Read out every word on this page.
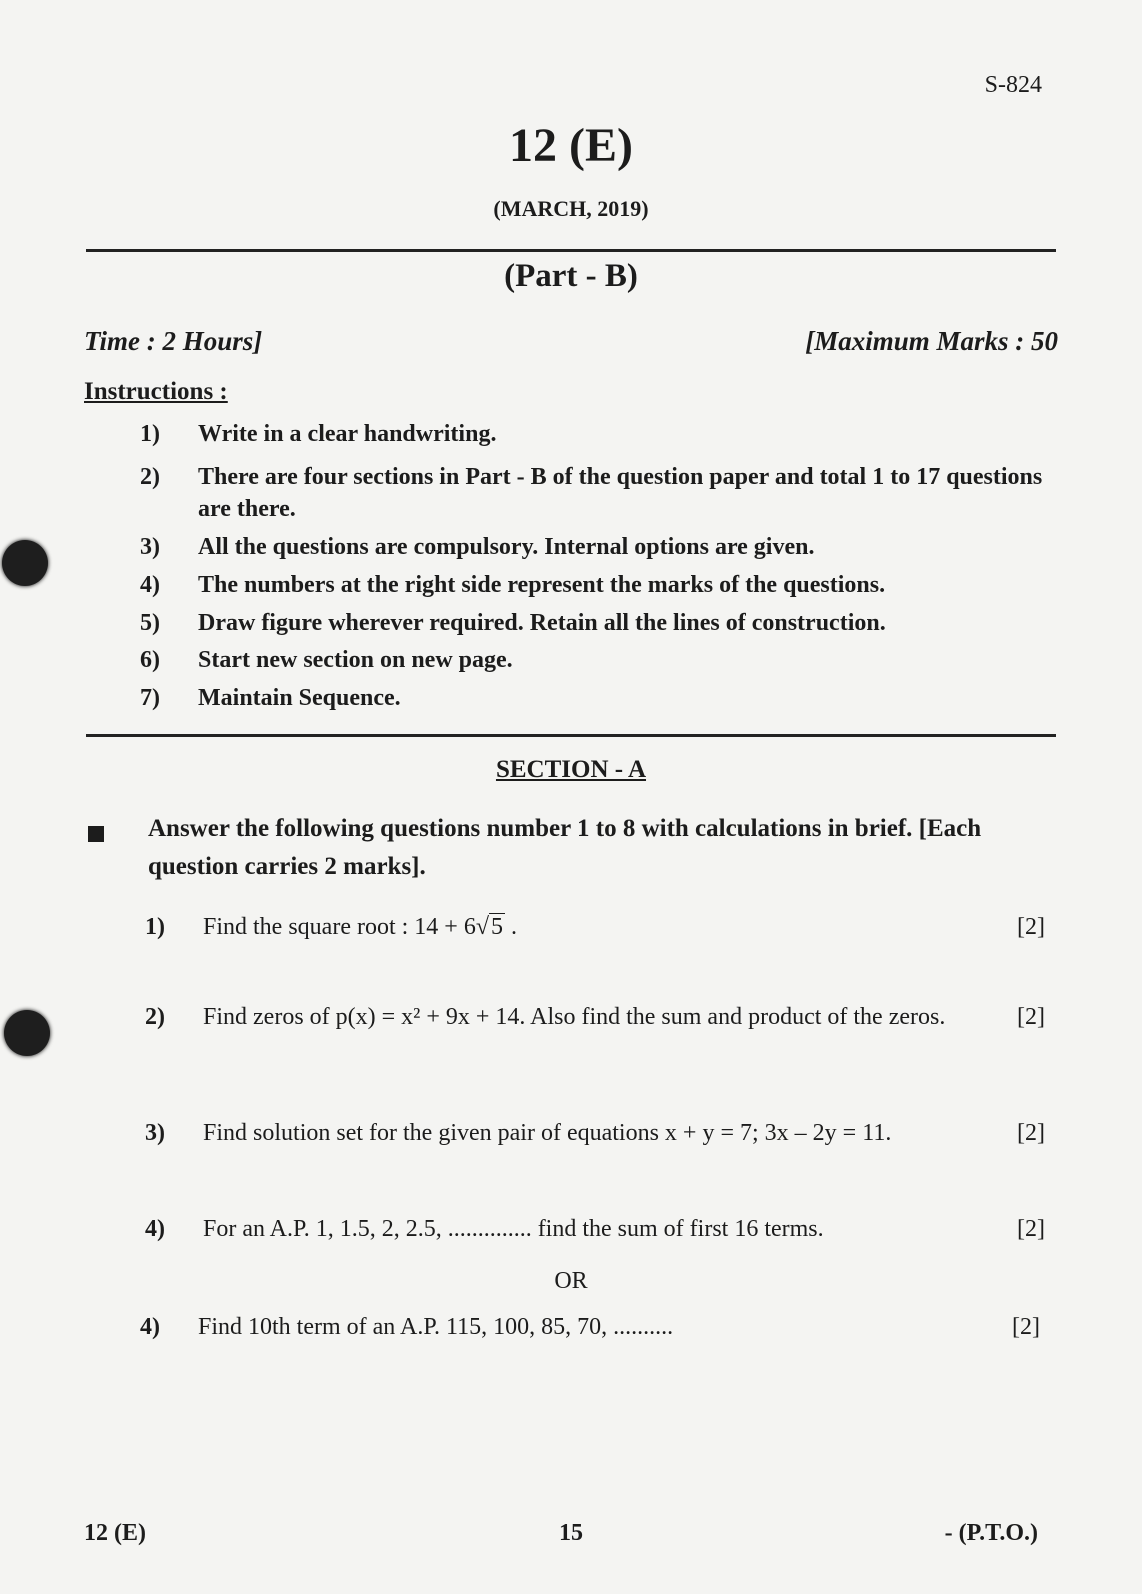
S-824
12 (E)
(MARCH, 2019)
(Part - B)
Time : 2 Hours]	[Maximum Marks : 50
Instructions :
1)	Write in a clear handwriting.
2)	There are four sections in Part - B of the question paper and total 1 to 17 questions are there.
3)	All the questions are compulsory. Internal options are given.
4)	The numbers at the right side represent the marks of the questions.
5)	Draw figure wherever required. Retain all the lines of construction.
6)	Start new section on new page.
7)	Maintain Sequence.
SECTION - A
Answer the following questions number 1 to 8 with calculations in brief. [Each question carries 2 marks].
1)	Find the square root : 14 + 6√5 .	[2]
2)	Find zeros of p(x) = x² + 9x + 14. Also find the sum and product of the zeros.	[2]
3)	Find solution set for the given pair of equations x + y = 7; 3x – 2y = 11.	[2]
4)	For an A.P. 1, 1.5, 2, 2.5, .............. find the sum of first 16 terms.	[2]
OR
4)	Find 10th term of an A.P. 115, 100, 85, 70, ..........	[2]
12 (E)	15	- (P.T.O.)
